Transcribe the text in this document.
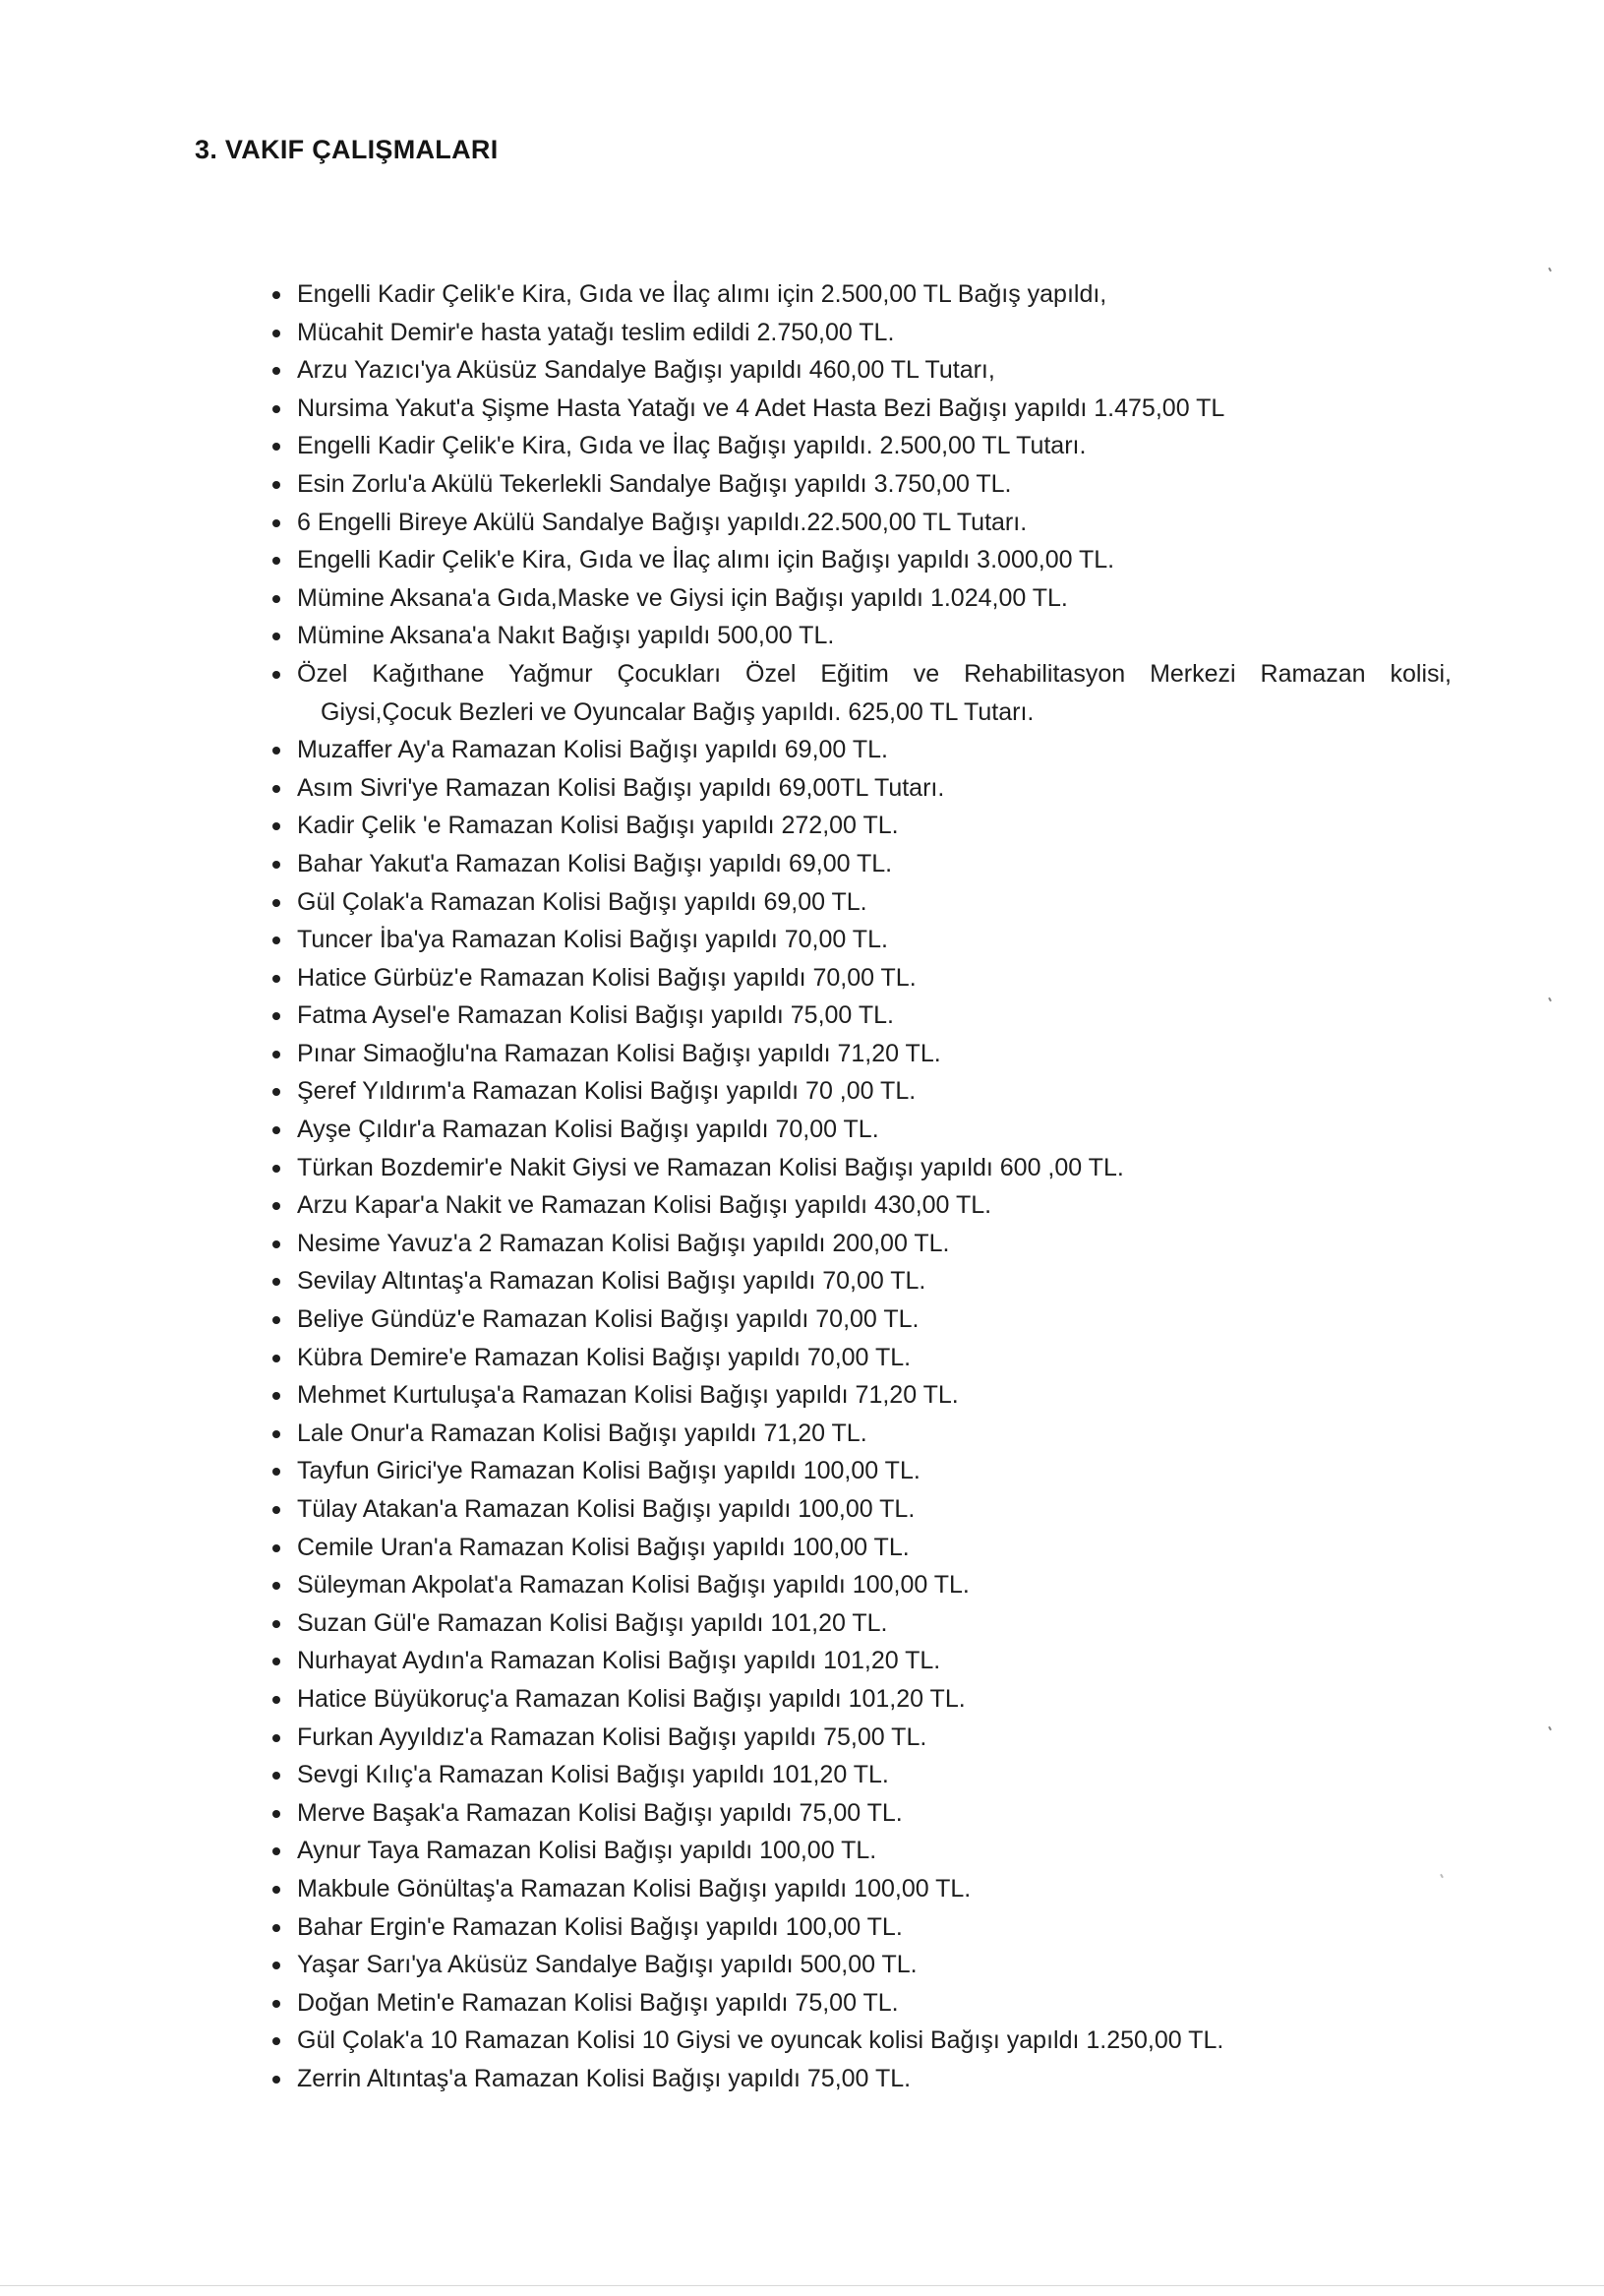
3. VAKIF ÇALIŞMALARI
Engelli Kadir Çelik'e Kira, Gıda ve İlaç alımı için 2.500,00 TL Bağış yapıldı,
Mücahit Demir'e hasta yatağı teslim edildi 2.750,00 TL.
Arzu Yazıcı'ya Aküsüz Sandalye Bağışı yapıldı 460,00 TL Tutarı,
Nursima Yakut'a Şişme Hasta Yatağı ve 4 Adet Hasta Bezi Bağışı yapıldı 1.475,00 TL
Engelli Kadir Çelik'e Kira, Gıda ve İlaç Bağışı yapıldı. 2.500,00 TL Tutarı.
Esin Zorlu'a Akülü Tekerlekli Sandalye Bağışı yapıldı 3.750,00 TL.
6 Engelli Bireye Akülü Sandalye Bağışı yapıldı.22.500,00 TL Tutarı.
Engelli Kadir Çelik'e Kira, Gıda ve İlaç alımı için Bağışı yapıldı 3.000,00 TL.
Mümine Aksana'a Gıda,Maske ve Giysi için Bağışı yapıldı 1.024,00 TL.
Mümine Aksana'a Nakıt Bağışı yapıldı 500,00 TL.
Özel Kağıthane Yağmur Çocukları Özel Eğitim ve Rehabilitasyon Merkezi Ramazan kolisi,
Giysi,Çocuk Bezleri ve Oyuncalar Bağış yapıldı. 625,00 TL Tutarı.
Muzaffer Ay'a Ramazan Kolisi Bağışı yapıldı 69,00 TL.
Asım Sivri'ye Ramazan Kolisi Bağışı yapıldı 69,00TL Tutarı.
Kadir Çelik 'e Ramazan Kolisi Bağışı yapıldı 272,00 TL.
Bahar Yakut'a Ramazan Kolisi Bağışı yapıldı 69,00 TL.
Gül Çolak'a Ramazan Kolisi Bağışı yapıldı 69,00 TL.
Tuncer İba'ya Ramazan Kolisi Bağışı yapıldı 70,00 TL.
Hatice Gürbüz'e Ramazan Kolisi Bağışı yapıldı 70,00 TL.
Fatma Aysel'e Ramazan Kolisi Bağışı yapıldı 75,00 TL.
Pınar Simaoğlu'na Ramazan Kolisi Bağışı yapıldı 71,20 TL.
Şeref Yıldırım'a Ramazan Kolisi Bağışı yapıldı 70 ,00 TL.
Ayşe Çıldır'a Ramazan Kolisi Bağışı yapıldı 70,00 TL.
Türkan Bozdemir'e Nakit Giysi ve Ramazan Kolisi Bağışı yapıldı 600 ,00 TL.
Arzu Kapar'a Nakit ve Ramazan Kolisi Bağışı yapıldı 430,00 TL.
Nesime Yavuz'a 2 Ramazan Kolisi Bağışı yapıldı 200,00 TL.
Sevilay Altıntaş'a Ramazan Kolisi Bağışı yapıldı 70,00 TL.
Beliye Gündüz'e Ramazan Kolisi Bağışı yapıldı 70,00 TL.
Kübra Demire'e Ramazan Kolisi Bağışı yapıldı 70,00 TL.
Mehmet Kurtuluşa'a Ramazan Kolisi Bağışı yapıldı 71,20 TL.
Lale Onur'a Ramazan Kolisi Bağışı yapıldı 71,20 TL.
Tayfun Girici'ye Ramazan Kolisi Bağışı yapıldı 100,00 TL.
Tülay Atakan'a Ramazan Kolisi Bağışı yapıldı 100,00 TL.
Cemile Uran'a Ramazan Kolisi Bağışı yapıldı 100,00 TL.
Süleyman Akpolat'a Ramazan Kolisi Bağışı yapıldı 100,00 TL.
Suzan Gül'e Ramazan Kolisi Bağışı yapıldı 101,20 TL.
Nurhayat Aydın'a Ramazan Kolisi Bağışı yapıldı 101,20 TL.
Hatice Büyükoruç'a Ramazan Kolisi Bağışı yapıldı 101,20 TL.
Furkan Ayyıldız'a Ramazan Kolisi Bağışı yapıldı 75,00 TL.
Sevgi Kılıç'a Ramazan Kolisi Bağışı yapıldı 101,20 TL.
Merve Başak'a Ramazan Kolisi Bağışı yapıldı 75,00 TL.
Aynur Taya Ramazan Kolisi Bağışı yapıldı 100,00 TL.
Makbule Gönültaş'a Ramazan Kolisi Bağışı yapıldı 100,00 TL.
Bahar Ergin'e Ramazan Kolisi Bağışı yapıldı 100,00 TL.
Yaşar Sarı'ya Aküsüz Sandalye Bağışı yapıldı 500,00 TL.
Doğan Metin'e Ramazan Kolisi Bağışı yapıldı 75,00 TL.
Gül Çolak'a 10 Ramazan Kolisi 10 Giysi ve oyuncak kolisi Bağışı yapıldı 1.250,00 TL.
Zerrin Altıntaş'a Ramazan Kolisi Bağışı yapıldı 75,00 TL.
